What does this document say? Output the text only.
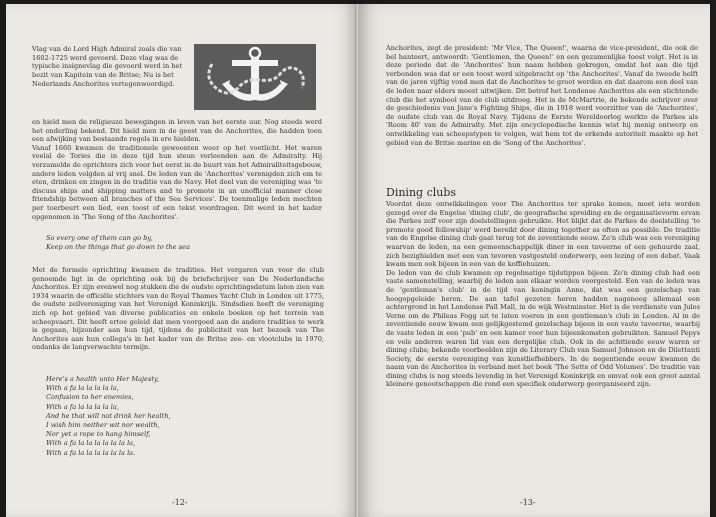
Vlag van de Lord High Admiral zoals die van 1602-1725 werd gevoerd. Deze vlag was de typische insignevlag die gevoerd werd in het bezit van Kapitein van de Britse; Nu is het Nederlands Anchorites vertegenwoordigd.

en hield men de religieuze bewegingen in leven van het eerste uur. Nog steeds werd het onderling bekend. Dit hield men in de geest van de Anchorites, die hadden toen een afwijking van bestaande regels in ere hielden.

Vanaf 1660 kwamen de traditionele gewoonten weer op het voetlicht. Het waren veelal de Tories die in deze tijd hun steun verleenden aan de Admiralty. Hij verzamelde de oprichters zich voor het eerst in de buurt van het Admiraliteitsgebouw, andere leden volgden al vrij snel. De leden van de 'Anchorites' verenigden zich om te eten, drinken en zingen in de traditie van de Navy. Het doel van de vereniging was 'to discuss ships and shipping matters and to promote in an unofficial manner close friendship between all branches of the Sea Services'. De toenmalige leden mochten per toerbeurt een lied, een toost of een tekst voordragen. Dit werd in het kader opgenomen in 'The Song of the Anchorites'.

So every one of them can go by,
Keep on the things that go down to the sea

Met de formele oprichting kwamen de tradities. Het vergaren van voor de club genoemde ligt in de oprichting ook bij de briefschrijver van De Nederlandsche Anchorites. Er zijn evenwel nog stukken die de oudste oprichtingsdatum laten zien van 1934 waarin de officiële stichters van de Royal Thames Yacht Club in Londen uit 1775, de oudste zeilvereniging van het Verenigd Koninkrijk. Sindsdien heeft de vereniging zich op het gebied van diverse publicaties en enkele boeken op het terrein van scheepvaart. Dit heeft ertoe geleid dat men voorgoed aan de andere tradities te werk is gegaan, bijzonder aan hun tijd, tijdens de publiciteit van het bezoek van The Anchorites aan hun collega's in het kader van de Britse zee- en vlootclubs in 1970, ondanks de langverwachte termijn.

Here's a health unto Her Majesty,
With a fa la la la la la,
Confusion to her enemies,
With a fa la la la la la,
And he that will not drink her health,
I wish him neither wit nor wealth,
Nor yet a rope to hang himself,
With a fa la la la la la la la,
With a fa la la la la la la la.
-12-

Anchorites, zegt de president: 'Mr Vice, The Queen!', waarna de vice-president, die ook de bel hanteert, antwoordt: 'Gentlemen, the Queen!' en een gezamenlijke toost volgt. Het is in deze periode dat de 'Anchorites' hun naam hebben gekregen, omdat het aan die tijd verbonden was dat er een toost werd uitgebracht op 'the Anchorites'. Vanaf de tweede helft van de jaren vijftig vond men dat de Anchorites te groot werden en dat daarom een deel van de leden naar elders moest uitwijken. Dit betrof het Londense Anchorites als een stichtende club die het symbool van de club uitdroeg. Het is de McMartrie, de bekende schrijver over de geschiedenis van Jane's Fighting Ships, die in 1918 werd voorzitter van de 'Anchorites', de oudste club van de Royal Navy. Tijdens de Eerste Wereldoorlog werkte de Parkes als 'Room 40' van de Admiralty. Met zijn encyclopedische kennis wist hij menig ontwerp en ontwikkeling van scheepstypen te volgen, wat hem tot de erkende autoriteit maakte op het gebied van de Britse marine en de 'Song of the Anchorites'.

Dining clubs

Voordat deze ontwikkelingen voor The Anchorites ter sprake komen, moet iets worden gezegd over de Engelse 'dining club', de geografische spreiding en de organisatievorm ervan die Parkes zelf voor zijn doelstellingen gebruikte. Het blijkt dat de Parkes de doelstelling 'to promote good fellowship' werd bereikt door dining together as often as possible. De traditie van de Engelse dining club gaat terug tot de zeventiende eeuw. Zo'n club was een vereniging waarvan de leden, na een gemeenschappelijk diner in een taveerne of een gehuurde zaal, zich bezighielden met een van tevoren vastgesteld onderwerp, een lezing of een debat. Vaak kwam men ook bijeen in een van de koffiehuizen.

De leden van de club kwamen op regelmatige tijdstippen bijeen. Zo'n dining club had een vaste samenstelling, waarbij de leden aan elkaar werden voorgesteld. Een van de leden was de 'gentleman's club' in de tijd van koningin Anne, dat was een gezelschap van hoogopgeleide heren. De aan tafel gezeten heren hadden nagenoeg allemaal een achtergrond in het Londense Pall Mall, in de wijk Westminster. Het is de verdienste van Jules Verne om de Phileas Fogg uit te laten voeren in een gentleman's club in Londen. Al in de zeventiende eeuw kwam een gelijkgestemd gezelschap bijeen in een vaste taveerne, waarbij de vaste leden in een 'pub' en een kamer voor hun bijeenkomsten gebruikten. Samuel Pepys en vele anderen waren lid van een dergelijke club. Ook in de achttiende eeuw waren er dining clubs; bekende voorbeelden zijn de Literary Club van Samuel Johnson en de Dilettanti Society, de eerste vereniging van kunstliefhebbers. In de negentiende eeuw kwamen de naam van de Anchorites in verband met het boek 'The Sette of Odd Volumes'. De traditie van dining clubs is nog steeds levendig in het Verenigd Koninkrijk en omvat ook een groot aantal kleinere genootschappen die rond een specifiek onderwerp georganiseerd zijn.

-13-
